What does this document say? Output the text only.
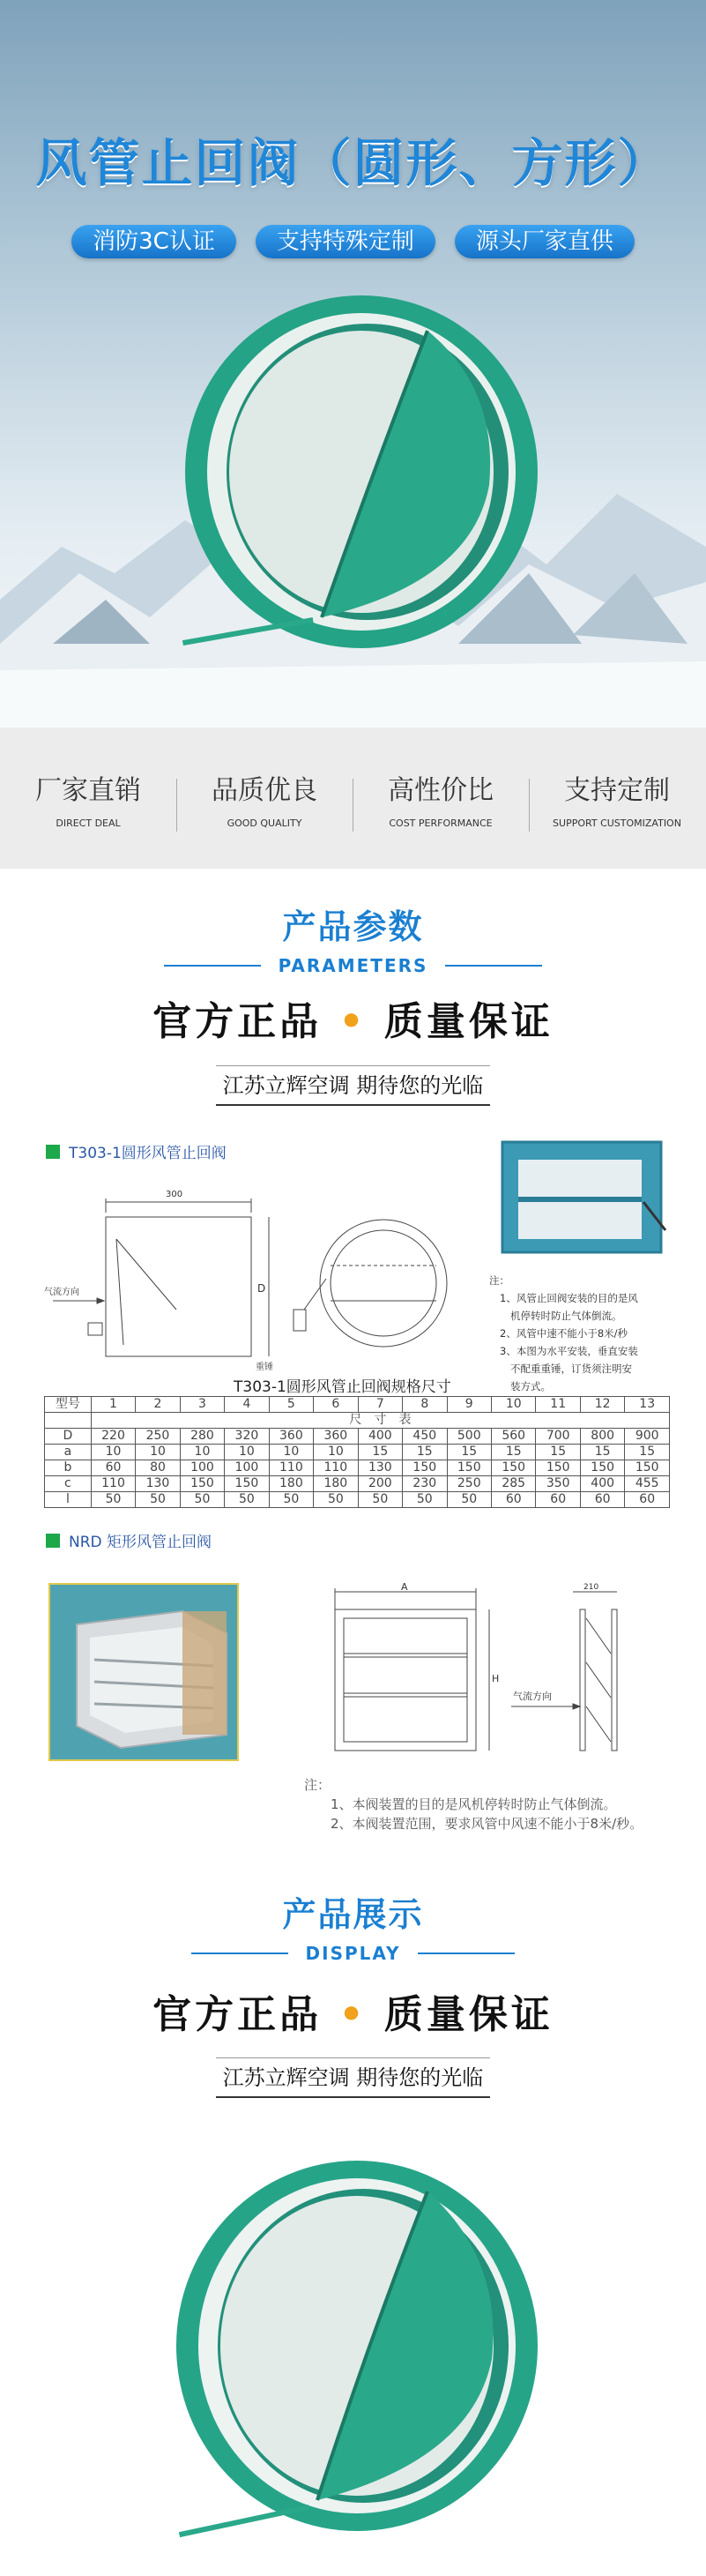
风管止回阀（圆形、方形）
消防3C认证	支持特殊定制	源头厂家直供
厂家直销
DIRECT DEAL
品质优良
GOOD QUALITY
高性价比
COST PERFORMANCE
支持定制
SUPPORT CUSTOMIZATION
产品参数
PARAMETERS
官方正品 • 质量保证
江苏立辉空调 期待您的光临
T303-1圆形风管止回阀
300
气流方向	D
重锤
注：
1、风管止回阀安装的目的是风
机停转时防止气体倒流。
2、风管中速不能小于8米/秒
3、本图为水平安装，垂直安装
不配重重锤，订货须注明安
装方式。
T303-1圆形风管止回阀规格尺寸
型号	1	2	3	4	5	6	7	8	9	10	11	12	13
	尺　寸　表												
D	220	250	280	320	360	360	400	450	500	560	700	800	900
a	10	10	10	10	10	10	15	15	15	15	15	15	15
b	60	80	100	100	110	110	130	150	150	150	150	150	150
c	110	130	150	150	180	180	200	230	250	285	350	400	455
l	50	50	50	50	50	50	50	50	50	60	60	60	60
NRD 矩形风管止回阀
A
H
气流方向
210
注：
1、本阀装置的目的是风机停转时防止气体倒流。
2、本阀装置范围，要求风管中风速不能小于8米/秒。
产品展示
DISPLAY
官方正品 • 质量保证
江苏立辉空调 期待您的光临
